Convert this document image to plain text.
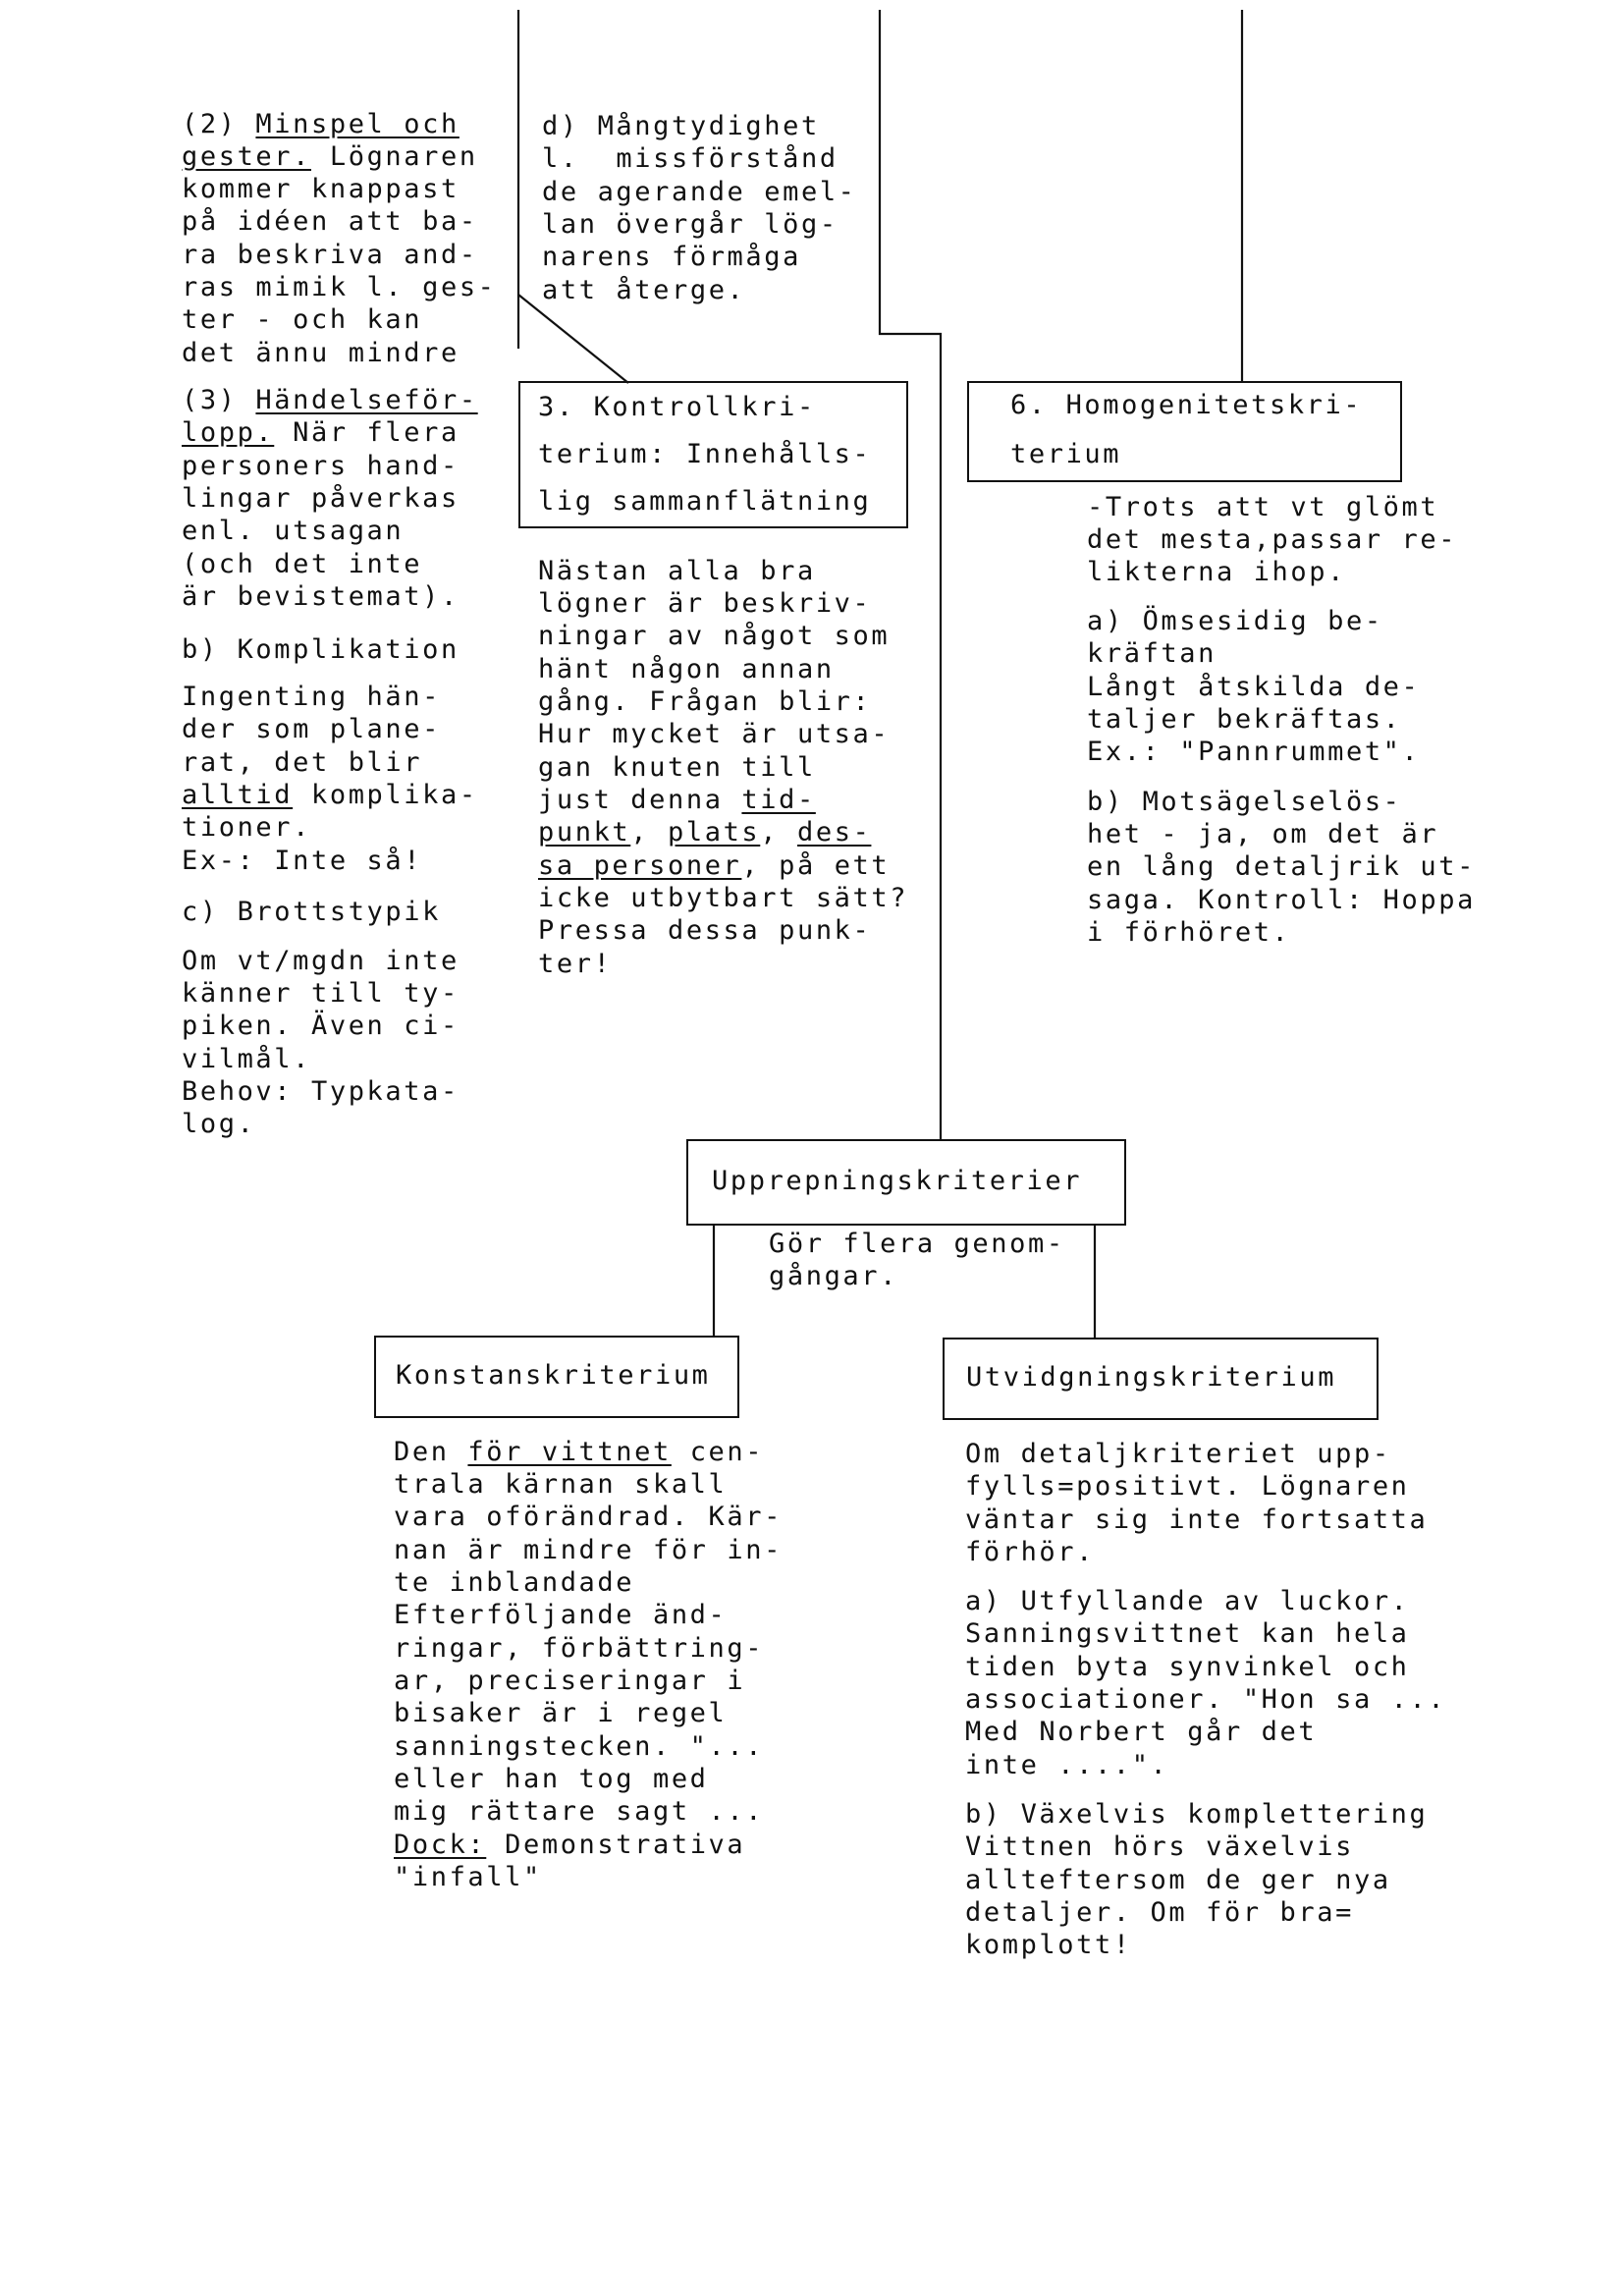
(2) Minspel och
gester. Lögnaren
kommer knappast
på idéen att ba-
ra beskriva and-
ras mimik l. ges-
ter - och kan
det ännu mindre
(3) Händelseför-
lopp. När flera
personers hand-
lingar påverkas
enl. utsagan
(och det inte
är bevistemat).
b) Komplikation
Ingenting hän-
der som plane-
rat, det blir
alltid komplika-
tioner.
Ex-: Inte så!
c) Brottstypik
Om vt/mgdn inte
känner till ty-
piken. Även ci-
vilmål.
Behov: Typkata-
log.
d) Mångtydighet
l.  missförstånd
de agerande emel-
lan övergår lög-
narens förmåga
att återge.
3. Kontrollkri-
terium: Innehålls-
lig sammanflätning
Nästan alla bra
lögner är beskriv-
ningar av något som
hänt någon annan
gång. Frågan blir:
Hur mycket är utsa-
gan knuten till
just denna tid-
punkt, plats, des-
sa personer, på ett
icke utbytbart sätt?
Pressa dessa punk-
ter!
6. Homogenitetskri-
terium
-Trots att vt glömt
det mesta,passar re-
likterna ihop.
a) Ömsesidig be-
kräftan
Långt åtskilda de-
taljer bekräftas.
Ex.: "Pannrummet".
b) Motsägelselös-
het - ja, om det är
en lång detaljrik ut-
saga. Kontroll: Hoppa
i förhöret.
Upprepningskriterier
Gör flera genom-
gångar.
Konstanskriterium	Utvidgningskriterium
Den för vittnet cen-
trala kärnan skall
vara oförändrad. Kär-
nan är mindre för in-
te inblandade
Efterföljande änd-
ringar, förbättring-
ar, preciseringar i
bisaker är i regel
sanningstecken. "...
eller han tog med
mig rättare sagt ...
Dock: Demonstrativa
"infall"
Om detaljkriteriet upp-
fylls=positivt. Lögnaren
väntar sig inte fortsatta
förhör.
a) Utfyllande av luckor.
Sanningsvittnet kan hela
tiden byta synvinkel och
associationer. "Hon sa ...
Med Norbert går det
inte ....".
b) Växelvis komplettering
Vittnen hörs växelvis
allteftersom de ger nya
detaljer. Om för bra=
komplott!
